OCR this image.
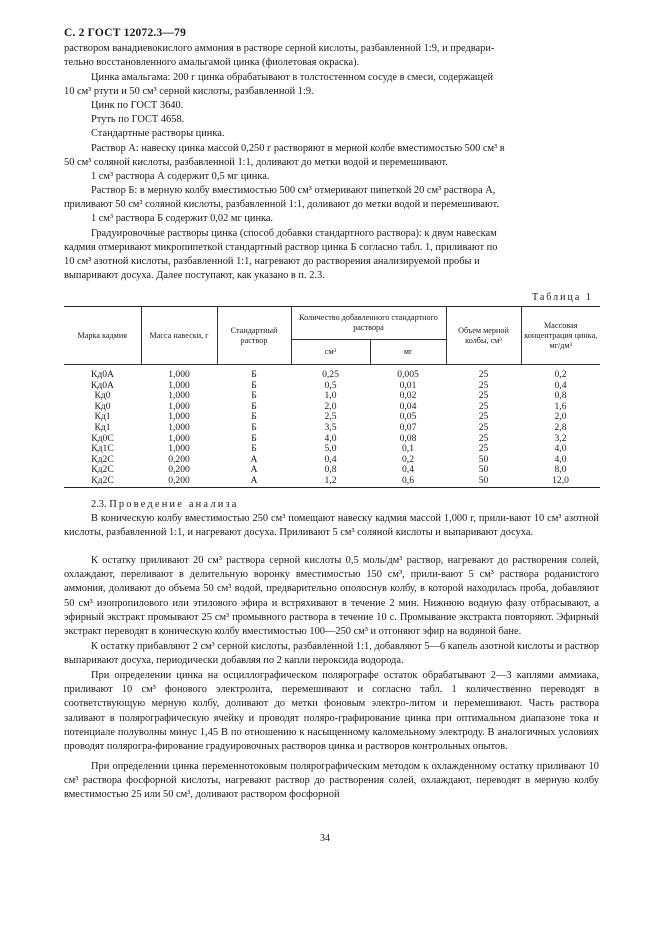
С. 2 ГОСТ 12072.3—79
раствором ванадиевокислого аммония в растворе серной кислоты, разбавленной 1:9, и предвари-
тельно восстановленного амальгамой цинка (фиолетовая окраска).
Цинка амальгама: 200 г цинка обрабатывают в толстостенном сосуде в смеси, содержащей
10 см³ ртути и 50 см³ серной кислоты, разбавленной 1:9.
Цинк по ГОСТ 3640.
Ртуть по ГОСТ 4658.
Стандартные растворы цинка.
Раствор А: навеску цинка массой 0,250 г растворяют в мерной колбе вместимостью 500 см³ в
50 см³ соляной кислоты, разбавленной 1:1, доливают до метки водой и перемешивают.
1 см³ раствора А содержит 0,5 мг цинка.
Раствор Б: в мерную колбу вместимостью 500 см³ отмеривают пипеткой 20 см³ раствора А,
приливают 50 см³ соляной кислоты, разбавленной 1:1, доливают до метки водой и перемешивают.
1 см³ раствора Б содержит 0,02 мг цинка.
Градуировочные растворы цинка (способ добавки стандартного раствора): к двум навескам
кадмия отмеривают микропипеткой стандартный раствор цинка Б согласно табл. 1, приливают по
10 см³ азотной кислоты, разбавленной 1:1, нагревают до растворения анализируемой пробы и
выпаривают досуха. Далее поступают, как указано в п. 2.3.
Таблица 1
Марка кадмия	Масса навески, г	Стандартный раствор	Количество добавленного стандартного раствора		Объем мерной колбы, см³	Массовая концентрация цинка, мг/дм³
			см³	мг		
Кд0А	1,000	Б	0,25	0,005	25	0,2
Кд0А	1,000	Б	0,5	0,01	25	0,4
Кд0	1,000	Б	1,0	0,02	25	0,8
Кд0	1,000	Б	2,0	0,04	25	1,6
Кд1	1,000	Б	2,5	0,05	25	2,0
Кд1	1,000	Б	3,5	0,07	25	2,8
Кд0С	1,000	Б	4,0	0,08	25	3,2
Кд1С	1,000	Б	5,0	0,1	25	4,0
Кд2С	0,200	А	0,4	0,2	50	4,0
Кд2С	0,200	А	0,8	0,4	50	8,0
Кд2С	0,200	А	1,2	0,6	50	12,0
2.3. Проведение анализа

В коническую колбу вместимостью 250 см³ помещают навеску кадмия массой 1,000 г, прили-вают 10 см³ азотной кислоты, разбавленной 1:1, и нагревают досуха. Приливают 5 см³ соляной кислоты и выпаривают досуха.

К остатку приливают 20 см³ раствора серной кислоты 0,5 моль/дм³ раствор, нагревают до растворения солей, охлаждают, переливают в делительную воронку вместимостью 150 см³, прили-вают 5 см³ раствора роданистого аммония, доливают до объема 50 см³ водой, предварительно ополоснув колбу, в которой находилась проба, добавляют 50 см³ изопропилового или этилового эфира и встряхивают в течение 2 мин. Нижнюю водную фазу отбрасывают, а эфирный экстракт промывают 25 см³ промывного раствора в течение 10 с. Промывание экстракта повторяют. Эфирный экстракт переводят в коническую колбу вместимостью 100—250 см³ и отгоняют эфир на водяной бане.

К остатку прибавляют 2 см³ серной кислоты, разбавленной 1:1, добавляют 5—6 капель азотной кислоты и раствор выпаривают досуха, периодически добавляя по 2 капли пероксида водорода.

При определении цинка на осциллографическом полярографе остаток обрабатывают 2—3 каплями аммиака, приливают 10 см³ фонового электролита, перемешивают и согласно табл. 1 количественно переводят в соответствующую мерную колбу, доливают до метки фоновым электро-литом и перемешивают. Часть раствора заливают в полярографическую ячейку и проводят поляро-графирование цинка при оптимальном диапазоне тока и потенциале полуволны минус 1,45 В по отношению к насыщенному каломельному электроду. В аналогичных условиях проводят полярогра-фирование градуировочных растворов цинка и растворов контрольных опытов.

При определении цинка переменнотоковым полярографическим методом к охлажденному остатку приливают 10 см³ раствора фосфорной кислоты, нагревают раствор до растворения солей, охлаждают, переводят в мерную колбу вместимостью 25 или 50 см³, доливают раствором фосфорной

34
